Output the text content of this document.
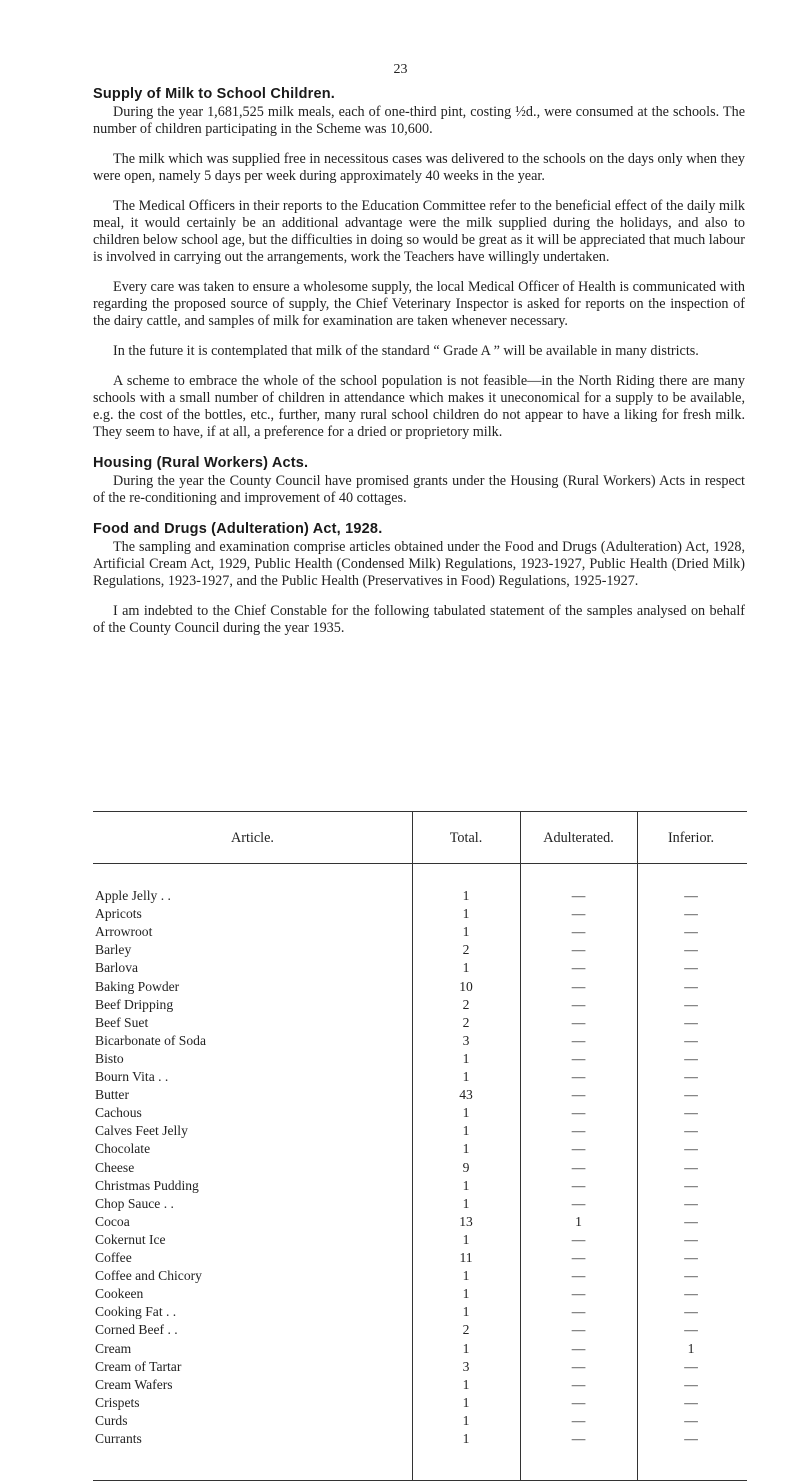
23
Supply of Milk to School Children.

During the year 1,681,525 milk meals, each of one-third pint, costing ½d., were consumed at the schools. The number of children participating in the Scheme was 10,600.

The milk which was supplied free in necessitous cases was delivered to the schools on the days only when they were open, namely 5 days per week during approximately 40 weeks in the year.

The Medical Officers in their reports to the Education Committee refer to the beneficial effect of the daily milk meal, it would certainly be an additional advantage were the milk supplied during the holidays, and also to children below school age, but the difficulties in doing so would be great as it will be appreciated that much labour is involved in carrying out the arrangements, work the Teachers have willingly undertaken.

Every care was taken to ensure a wholesome supply, the local Medical Officer of Health is communicated with regarding the proposed source of supply, the Chief Veterinary Inspector is asked for reports on the inspection of the dairy cattle, and samples of milk for examination are taken whenever necessary.

In the future it is contemplated that milk of the standard “ Grade A ” will be available in many districts.

A scheme to embrace the whole of the school population is not feasible—in the North Riding there are many schools with a small number of children in attendance which makes it uneconomical for a supply to be available, e.g. the cost of the bottles, etc., further, many rural school children do not appear to have a liking for fresh milk. They seem to have, if at all, a preference for a dried or proprietory milk.

Housing (Rural Workers) Acts.

During the year the County Council have promised grants under the Housing (Rural Workers) Acts in respect of the re-conditioning and improvement of 40 cottages.

Food and Drugs (Adulteration) Act, 1928.

The sampling and examination comprise articles obtained under the Food and Drugs (Adulteration) Act, 1928, Artificial Cream Act, 1929, Public Health (Condensed Milk) Regulations, 1923-1927, Public Health (Dried Milk) Regulations, 1923-1927, and the Public Health (Preservatives in Food) Regulations, 1925-1927.

I am indebted to the Chief Constable for the following tabulated statement of the samples analysed on behalf of the County Council during the year 1935.

Article.	Total.	Adulterated.	Inferior.
Apple Jelly . .	1	—	—
Apricots	1	—	—
Arrowroot	1	—	—
Barley	2	—	—
Barlova	1	—	—
Baking Powder	10	—	—
Beef Dripping	2	—	—
Beef Suet	2	—	—
Bicarbonate of Soda	3	—	—
Bisto	1	—	—
Bourn Vita . .	1	—	—
Butter	43	—	—
Cachous	1	—	—
Calves Feet Jelly	1	—	—
Chocolate	1	—	—
Cheese	9	—	—
Christmas Pudding	1	—	—
Chop Sauce . .	1	—	—
Cocoa	13	1	—
Cokernut Ice	1	—	—
Coffee	11	—	—
Coffee and Chicory	1	—	—
Cookeen	1	—	—
Cooking Fat . .	1	—	—
Corned Beef . .	2	—	—
Cream	1	—	1
Cream of Tartar	3	—	—
Cream Wafers	1	—	—
Crispets	1	—	—
Curds	1	—	—
Currants	1	—	—
